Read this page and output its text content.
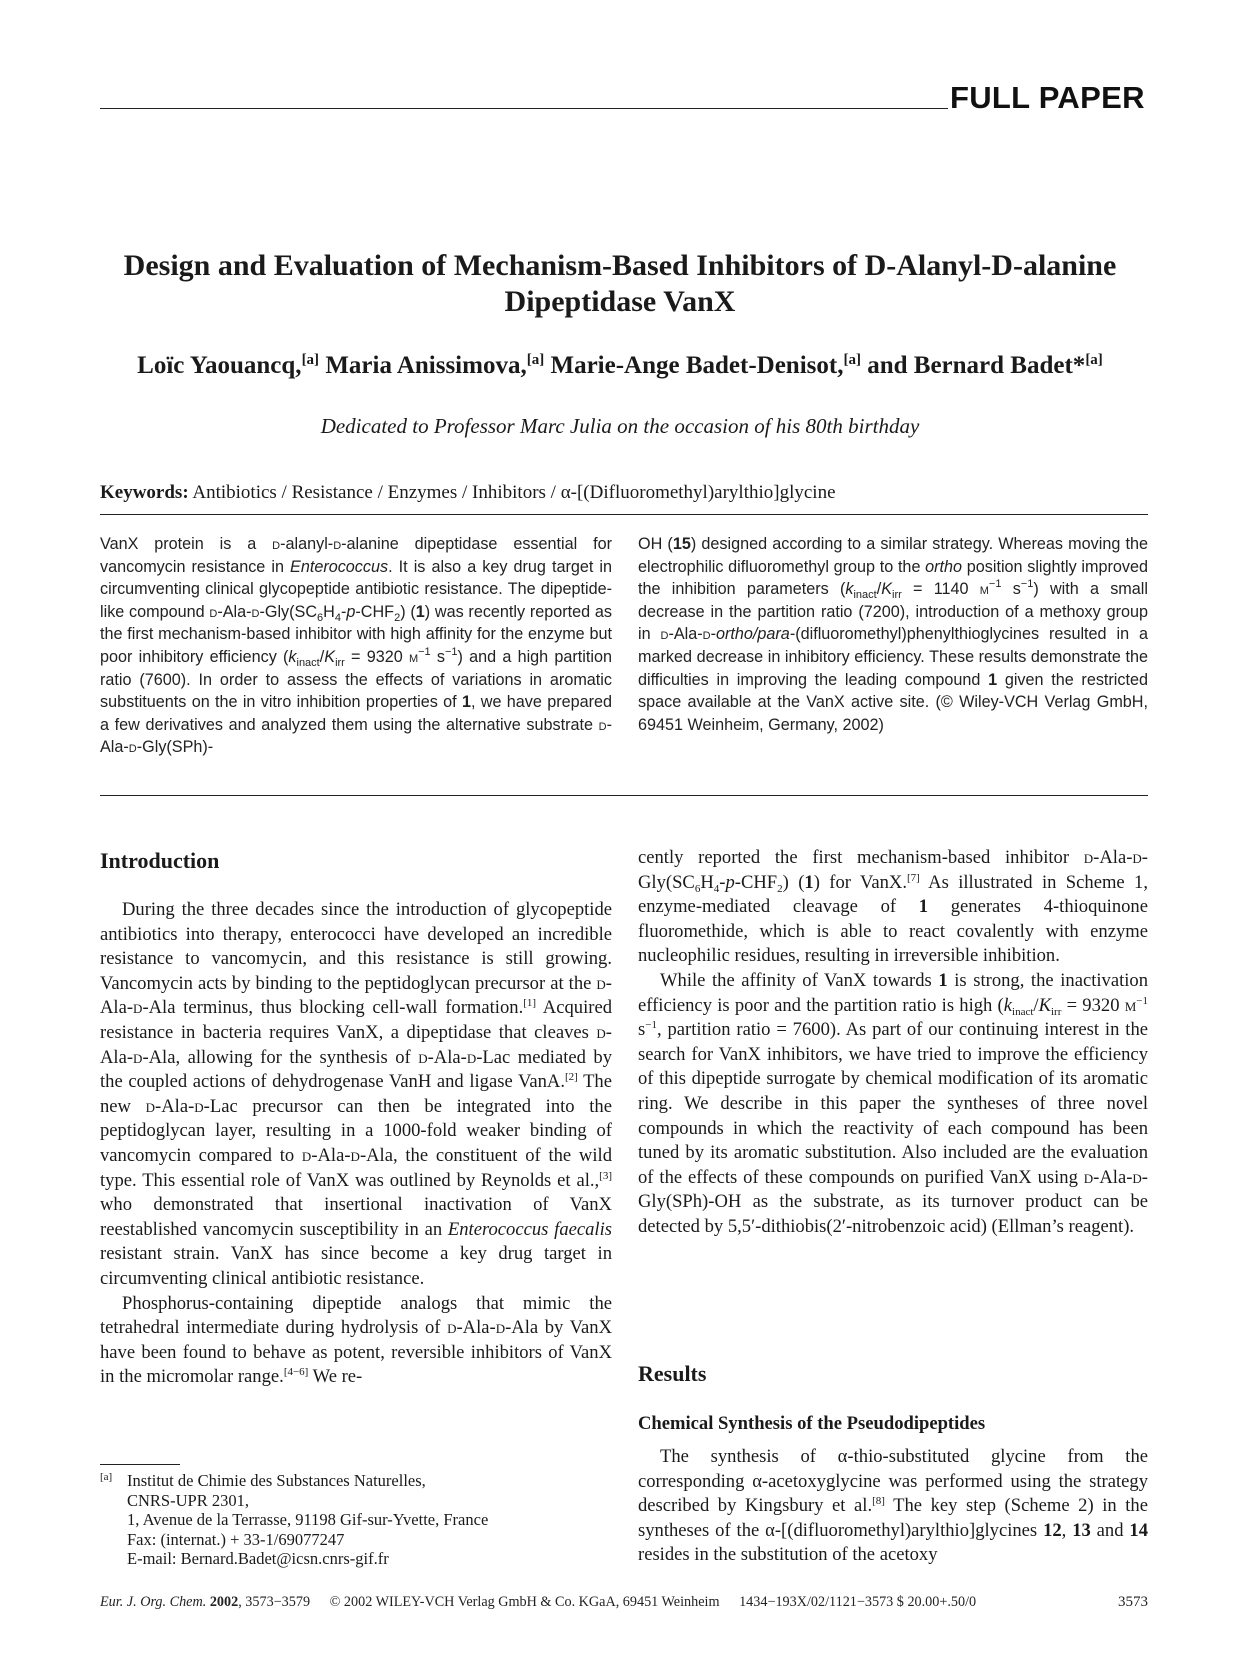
FULL PAPER
Design and Evaluation of Mechanism-Based Inhibitors of D-Alanyl-D-alanine
Dipeptidase VanX
Loïc Yaouancq,[a] Maria Anissimova,[a] Marie-Ange Badet-Denisot,[a] and Bernard Badet*[a]
Dedicated to Professor Marc Julia on the occasion of his 80th birthday
Keywords: Antibiotics / Resistance / Enzymes / Inhibitors / α-[(Difluoromethyl)arylthio]glycine
VanX protein is a d-alanyl-d-alanine dipeptidase essential for vancomycin resistance in Enterococcus. It is also a key drug target in circumventing clinical glycopeptide antibiotic resistance. The dipeptide-like compound $d-Ala-d-Gly(SC_6H_4-p-CHF_2)$ (1) was recently reported as the first mechanism-based inhibitor with high affinity for the enzyme but poor inhibitory efficiency ($k_{inact}/K_{irr} = 9320$ $m^{-1}$ $s^{-1}$) and a high partition ratio (7600). In order to assess the effects of variations in aromatic substituents on the in vitro inhibition properties of 1, we have prepared a few derivatives and analyzed them using the alternative substrate d-Ala-d-Gly(SPh)-
OH (15) designed according to a similar strategy. Whereas moving the electrophilic difluoromethyl group to the ortho position slightly improved the inhibition parameters ($k_{inact}/K_{irr} = 1140$ $m^{-1}$ $s^{-1}$) with a small decrease in the partition ratio (7200), introduction of a methoxy group in d-Ala-d-ortho/para-(difluoromethyl)phenylthioglycines resulted in a marked decrease in inhibitory efficiency. These results demonstrate the difficulties in improving the leading compound 1 given the restricted space available at the VanX active site. (© Wiley-VCH Verlag GmbH, 69451 Weinheim, Germany, 2002)
Introduction

During the three decades since the introduction of glycopeptide antibiotics into therapy, enterococci have developed an incredible resistance to vancomycin, and this resistance is still growing. Vancomycin acts by binding to the peptidoglycan precursor at the d-Ala-d-Ala terminus, thus blocking cell-wall formation.[1] Acquired resistance in bacteria requires VanX, a dipeptidase that cleaves d-Ala-d-Ala, allowing for the synthesis of d-Ala-d-Lac mediated by the coupled actions of dehydrogenase VanH and ligase VanA.[2] The new d-Ala-d-Lac precursor can then be integrated into the peptidoglycan layer, resulting in a 1000-fold weaker binding of vancomycin compared to d-Ala-d-Ala, the constituent of the wild type. This essential role of VanX was outlined by Reynolds et al.,[3] who demonstrated that insertional inactivation of VanX reestablished vancomycin susceptibility in an Enterococcus faecalis resistant strain. VanX has since become a key drug target in circumventing clinical antibiotic resistance.

Phosphorus-containing dipeptide analogs that mimic the tetrahedral intermediate during hydrolysis of d-Ala-d-Ala by VanX have been found to behave as potent, reversible inhibitors of VanX in the micromolar range.[4−6] We re-

cently reported the first mechanism-based inhibitor $d-Ala-d-Gly(SC_6H_4-p-CHF_2)$ (1) for VanX.[7] As illustrated in Scheme 1, enzyme-mediated cleavage of 1 generates 4-thioquinone fluoromethide, which is able to react covalently with enzyme nucleophilic residues, resulting in irreversible inhibition.

While the affinity of VanX towards 1 is strong, the inactivation efficiency is poor and the partition ratio is high ($k_{inact}/K_{irr} = 9320$ $m^{-1}$ $s^{-1}$, partition ratio = 7600). As part of our continuing interest in the search for VanX inhibitors, we have tried to improve the efficiency of this dipeptide surrogate by chemical modification of its aromatic ring. We describe in this paper the syntheses of three novel compounds in which the reactivity of each compound has been tuned by its aromatic substitution. Also included are the evaluation of the effects of these compounds on purified VanX using d-Ala-d-Gly(SPh)-OH as the substrate, as its turnover product can be detected by 5,5′-dithiobis(2′-nitrobenzoic acid) (Ellman’s reagent).

Results
Chemical Synthesis of the Pseudodipeptides

The synthesis of α-thio-substituted glycine from the corresponding α-acetoxyglycine was performed using the strategy described by Kingsbury et al.[8] The key step (Scheme 2) in the syntheses of the α-[(difluoromethyl)arylthio]glycines 12, 13 and 14 resides in the substitution of the acetoxy

[a] Institut de Chimie des Substances Naturelles,
CNRS-UPR 2301,
1, Avenue de la Terrasse, 91198 Gif-sur-Yvette, France
Fax: (internat.) + 33-1/69077247
E-mail: Bernard.Badet@icsn.cnrs-gif.fr
Eur. J. Org. Chem. 2002, 3573−3579 © 2002 WILEY-VCH Verlag GmbH & Co. KGaA, 69451 Weinheim 1434−193X/02/1121−3573 $ 20.00+.50/0	3573
